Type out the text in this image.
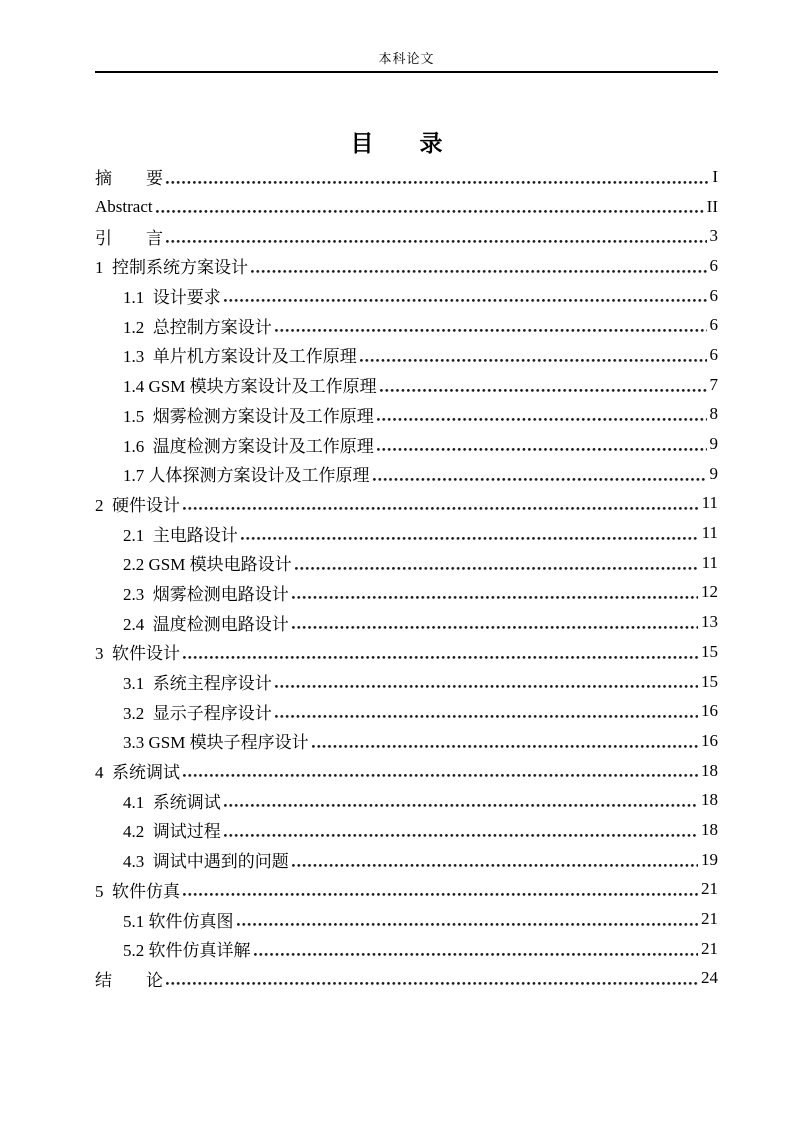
本科论文
目　　录
摘　　要	I
Abstract	II
引　　言	3
1  控制系统方案设计	6
1.1  设计要求	6
1.2  总控制方案设计	6
1.3  单片机方案设计及工作原理	6
1.4 GSM 模块方案设计及工作原理	7
1.5  烟雾检测方案设计及工作原理	8
1.6  温度检测方案设计及工作原理	9
1.7 人体探测方案设计及工作原理	9
2  硬件设计	11
2.1  主电路设计	11
2.2 GSM 模块电路设计	11
2.3  烟雾检测电路设计	12
2.4  温度检测电路设计	13
3  软件设计	15
3.1  系统主程序设计	15
3.2  显示子程序设计	16
3.3 GSM 模块子程序设计	16
4  系统调试	18
4.1  系统调试	18
4.2  调试过程	18
4.3  调试中遇到的问题	19
5  软件仿真	21
5.1 软件仿真图	21
5.2 软件仿真详解	21
结　　论	24
